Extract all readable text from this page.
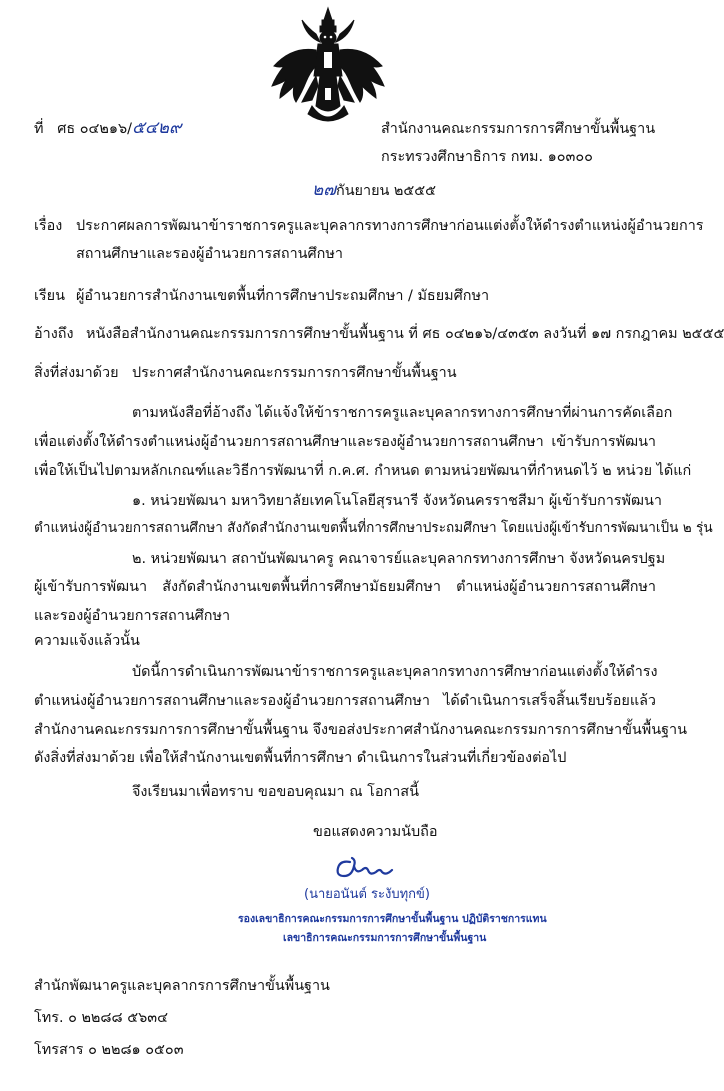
ที่ ศธ ๐๔๒๑๖/๕๔๒๙	สำนักงานคณะกรรมการการศึกษาขั้นพื้นฐาน
กระทรวงศึกษาธิการ กทม. ๑๐๓๐๐
๒๗กันยายน ๒๕๕๕
เรื่อง ประกาศผลการพัฒนาข้าราชการครูและบุคลากรทางการศึกษาก่อนแต่งตั้งให้ดำรงตำแหน่งผู้อำนวยการ
สถานศึกษาและรองผู้อำนวยการสถานศึกษา
เรียน ผู้อำนวยการสำนักงานเขตพื้นที่การศึกษาประถมศึกษา / มัธยมศึกษา
อ้างถึง หนังสือสำนักงานคณะกรรมการการศึกษาขั้นพื้นฐาน ที่ ศธ ๐๔๒๑๖/๔๓๕๓ ลงวันที่ ๑๗ กรกฎาคม ๒๕๕๕
สิ่งที่ส่งมาด้วย ประกาศสำนักงานคณะกรรมการการศึกษาขั้นพื้นฐาน
ตามหนังสือที่อ้างถึง ได้แจ้งให้ข้าราชการครูและบุคลากรทางการศึกษาที่ผ่านการคัดเลือก
เพื่อแต่งตั้งให้ดำรงตำแหน่งผู้อำนวยการสถานศึกษาและรองผู้อำนวยการสถานศึกษา เข้ารับการพัฒนา
เพื่อให้เป็นไปตามหลักเกณฑ์และวิธีการพัฒนาที่ ก.ค.ศ. กำหนด ตามหน่วยพัฒนาที่กำหนดไว้ ๒ หน่วย ได้แก่
๑. หน่วยพัฒนา มหาวิทยาลัยเทคโนโลยีสุรนารี จังหวัดนครราชสีมา ผู้เข้ารับการพัฒนา
ตำแหน่งผู้อำนวยการสถานศึกษา สังกัดสำนักงานเขตพื้นที่การศึกษาประถมศึกษา โดยแบ่งผู้เข้ารับการพัฒนาเป็น ๒ รุ่น
๒. หน่วยพัฒนา สถาบันพัฒนาครู คณาจารย์และบุคลากรทางการศึกษา จังหวัดนครปฐม
ผู้เข้ารับการพัฒนา สังกัดสำนักงานเขตพื้นที่การศึกษามัธยมศึกษา ตำแหน่งผู้อำนวยการสถานศึกษา
และรองผู้อำนวยการสถานศึกษา
ความแจ้งแล้วนั้น
บัดนี้การดำเนินการพัฒนาข้าราชการครูและบุคลากรทางการศึกษาก่อนแต่งตั้งให้ดำรง
ตำแหน่งผู้อำนวยการสถานศึกษาและรองผู้อำนวยการสถานศึกษา ได้ดำเนินการเสร็จสิ้นเรียบร้อยแล้ว
สำนักงานคณะกรรมการการศึกษาขั้นพื้นฐาน จึงขอส่งประกาศสำนักงานคณะกรรมการการศึกษาขั้นพื้นฐาน
ดังสิ่งที่ส่งมาด้วย เพื่อให้สำนักงานเขตพื้นที่การศึกษา ดำเนินการในส่วนที่เกี่ยวข้องต่อไป
จึงเรียนมาเพื่อทราบ ขอขอบคุณมา ณ โอกาสนี้
ขอแสดงความนับถือ
(นายอนันต์ ระงับทุกข์)
รองเลขาธิการคณะกรรมการการศึกษาขั้นพื้นฐาน ปฏิบัติราชการแทน
เลขาธิการคณะกรรมการการศึกษาขั้นพื้นฐาน
สำนักพัฒนาครูและบุคลากรการศึกษาขั้นพื้นฐาน
โทร. ๐ ๒๒๘๘ ๕๖๓๔
โทรสาร ๐ ๒๒๘๑ ๐๕๐๓
